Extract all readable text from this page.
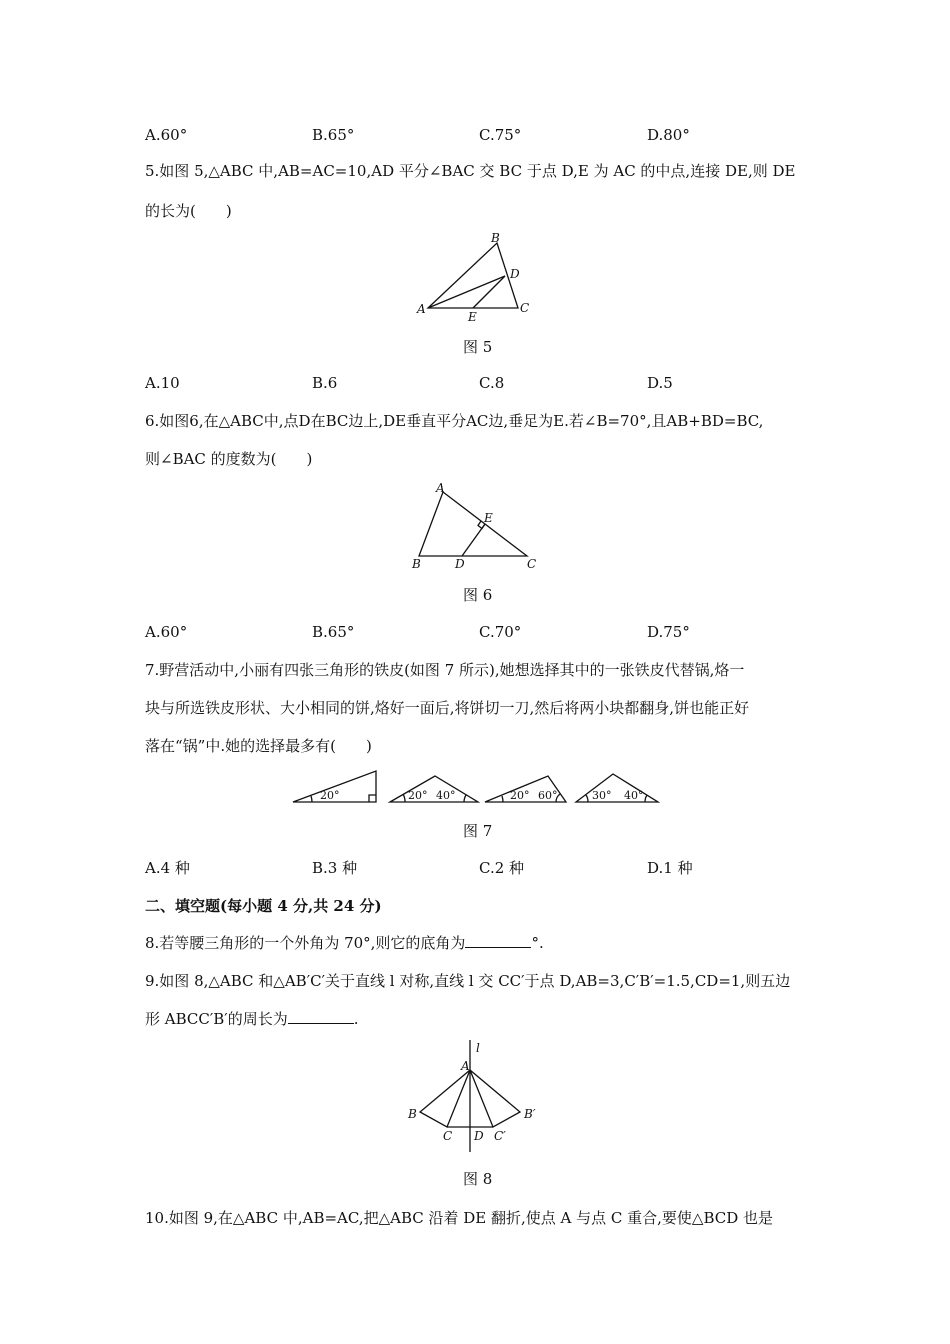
A.60°	B.65°	C.75°	D.80°
5.如图 5,△ABC 中,AB=AC=10,AD 平分∠BAC 交 BC 于点 D,E 为 AC 的中点,连接 DE,则 DE
的长为(　　)
A
B
C
D
E
图 5
A.10	B.6	C.8	D.5
6.如图6,在△ABC中,点D在BC边上,DE垂直平分AC边,垂足为E.若∠B=70°,且AB+BD=BC,
则∠BAC 的度数为(　　)
A
B	C
D
E
图 6
A.60°	B.65°	C.70°	D.75°
7.野营活动中,小丽有四张三角形的铁皮(如图 7 所示),她想选择其中的一张铁皮代替锅,烙一
块与所选铁皮形状、大小相同的饼,烙好一面后,将饼切一刀,然后将两小块都翻身,饼也能正好
落在“锅”中.她的选择最多有(　　)
20°	20° 40°	20° 60°	30° 40°
图 7
A.4 种	B.3 种	C.2 种	D.1 种
二、填空题(每小题 4 分,共 24 分)
8.若等腰三角形的一个外角为 70°,则它的底角为	°.
9.如图 8,△ABC 和△AB′C′关于直线 l 对称,直线 l 交 CC′于点 D,AB=3,C′B′=1.5,CD=1,则五边
形 ABCC′B′的周长为	.
l
A
B
C D C′
B′
图 8
10.如图 9,在△ABC 中,AB=AC,把△ABC 沿着 DE 翻折,使点 A 与点 C 重合,要使△BCD 也是
